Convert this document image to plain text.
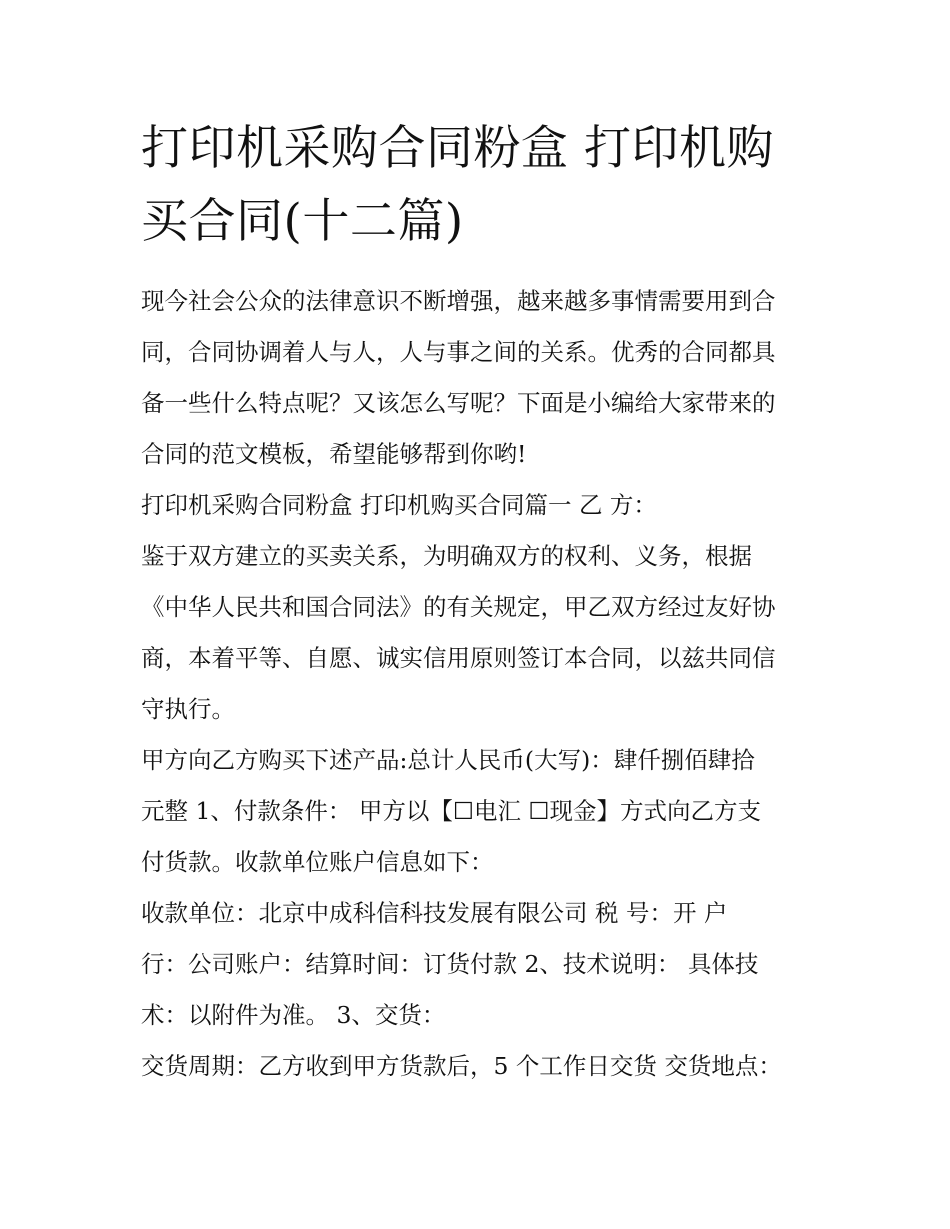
打印机采购合同粉盒 打印机购
买合同(十二篇)
现今社会公众的法律意识不断增强，越来越多事情需要用到合
同，合同协调着人与人，人与事之间的关系。优秀的合同都具
备一些什么特点呢？又该怎么写呢？下面是小编给大家带来的
合同的范文模板，希望能够帮到你哟!
打印机采购合同粉盒 打印机购买合同篇一 乙 方：
鉴于双方建立的买卖关系，为明确双方的权利、义务，根据
《中华人民共和国合同法》的有关规定，甲乙双方经过友好协
商，本着平等、自愿、诚实信用原则签订本合同，以兹共同信
守执行。
甲方向乙方购买下述产品:总计人民币(大写)：肆仟捌佰肆拾
元整 1、付款条件： 甲方以【☐电汇 ☐现金】方式向乙方支
付货款。收款单位账户信息如下：
收款单位：北京中成科信科技发展有限公司 税 号：开 户
行：公司账户：结算时间：订货付款 2、技术说明： 具体技
术：以附件为准。 3、交货：
交货周期：乙方收到甲方货款后，5 个工作日交货 交货地点：
